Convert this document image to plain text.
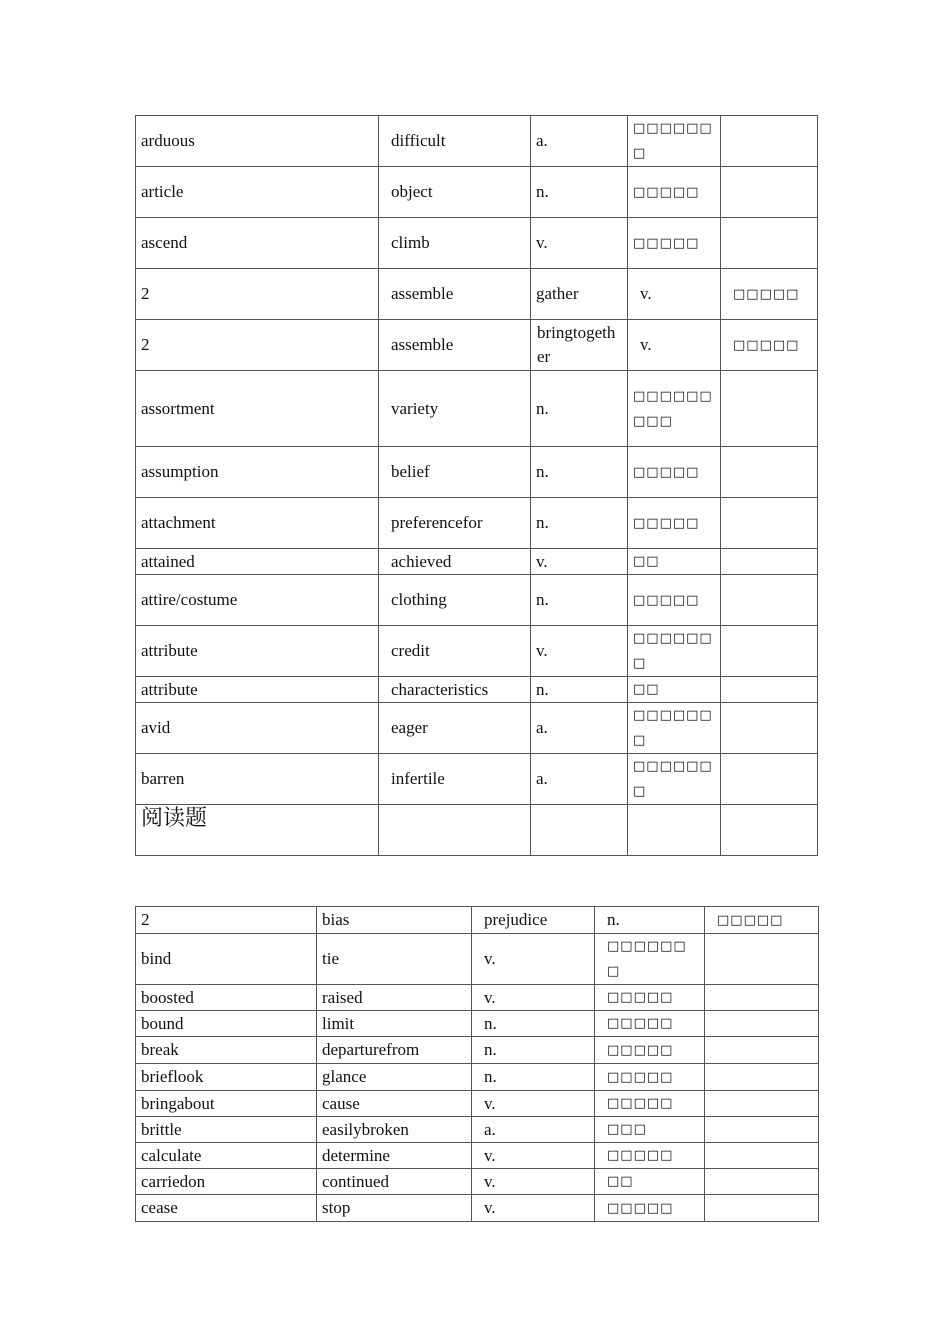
arduous	difficult	a.	□□□□□□□	
article	object	n.	□□□□□	
ascend	climb	v.	□□□□□	
2	assemble	gather	v.	□□□□□
2	assemble	bringtogether	v.	□□□□□
assortment	variety	n.	□□□□□□□□□	
assumption	belief	n.	□□□□□	
attachment	preferencefor	n.	□□□□□	
attained	achieved	v.	□□	
attire/costume	clothing	n.	□□□□□	
attribute	credit	v.	□□□□□□□	
attribute	characteristics	n.	□□	
avid	eager	a.	□□□□□□□	
barren	infertile	a.	□□□□□□□	
阅读题				
2	bias	prejudice	n.	□□□□□
bind	tie	v.	□□□□□□□	
boosted	raised	v.	□□□□□	
bound	limit	n.	□□□□□	
break	departurefrom	n.	□□□□□	
brieflook	glance	n.	□□□□□	
bringabout	cause	v.	□□□□□	
brittle	easilybroken	a.	□□□	
calculate	determine	v.	□□□□□	
carriedon	continued	v.	□□	
cease	stop	v.	□□□□□	
